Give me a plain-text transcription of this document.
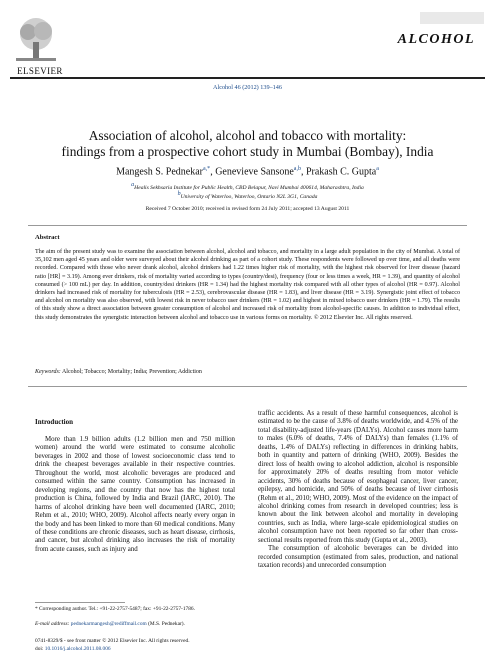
ELSEVIER
ALCOHOL
Alcohol 46 (2012) 139–146
Association of alcohol, alcohol and tobacco with mortality:
findings from a prospective cohort study in Mumbai (Bombay), India
Mangesh S. Pednekar$^{a,*}$, Genevieve Sansone$^{a,b}$, Prakash C. Gupta$^a$
aHealis Sekhsaria Institute for Public Health, CBD Belapur, Navi Mumbai 400614, Maharashtra, India
bUniversity of Waterloo, Waterloo, Ontario N2L 3G1, Canada
Received 7 October 2010; received in revised form 24 July 2011; accepted 13 August 2011
Abstract
The aim of the present study was to examine the association between alcohol, alcohol and tobacco, and mortality in a large adult population in the city of Mumbai. A total of 35,102 men aged 45 years and older were surveyed about their alcohol drinking as part of a cohort study. These respondents were followed up over time, and all deaths were recorded. Compared with those who never drank alcohol, alcohol drinkers had 1.22 times higher risk of mortality, with the highest risk observed for liver disease (hazard ratio [HR] = 3.19). Among ever drinkers, risk of mortality varied according to types (country/desi), frequency (four or less times a week, HR = 1.39), and quantity of alcohol consumed (> 100 mL) per day. In addition, country/desi drinkers (HR = 1.34) had the highest mortality risk compared with all other types of alcohol (HR = 0.97). Alcohol drinkers had increased risk of mortality for tuberculosis (HR = 2.53), cerebrovascular disease (HR = 1.83), and liver disease (HR = 3.19). Synergistic joint effect of tobacco and alcohol on mortality was also observed, with lowest risk in never tobacco user drinkers (HR = 1.02) and highest in mixed tobacco user drinkers (HR = 1.79). The results of this study show a direct association between greater consumption of alcohol and increased risk of mortality from alcohol-specific causes. In addition to individual effect, this study demonstrates the synergistic interaction between alcohol and tobacco use in various forms on mortality. © 2012 Elsevier Inc. All rights reserved.
Keywords: Alcohol; Tobacco; Mortality; India; Prevention; Addiction
Introduction

More than 1.9 billion adults (1.2 billion men and 750 million women) around the world were estimated to consume alcoholic beverages in 2002 and those of lowest socioeconomic class tend to drink the cheapest beverages available in their respective countries. Throughout the world, most alcoholic beverages are produced and consumed within the same country. Consumption has increased in developing regions, and the country that now has the highest total production is China, followed by India and Brazil (IARC, 2010). The harms of alcohol drinking have been well documented (IARC, 2010; Rehm et al., 2010; WHO, 2009). Alcohol affects nearly every organ in the body and has been linked to more than 60 medical conditions. Many of these conditions are chronic diseases, such as heart disease, cirrhosis, and cancer, but alcohol drinking also increases the risk of mortality from acute causes, such as injury and

traffic accidents. As a result of these harmful consequences, alcohol is estimated to be the cause of 3.8% of deaths worldwide, and 4.5% of the total disability-adjusted life-years (DALYs). Alcohol causes more harm to males (6.0% of deaths, 7.4% of DALYs) than females (1.1% of deaths, 1.4% of DALYs) reflecting in differences in drinking habits, both in quantity and pattern of drinking (WHO, 2009). Besides the direct loss of health owing to alcohol addiction, alcohol is responsible for approximately 20% of deaths resulting from motor vehicle accidents, 30% of deaths because of esophageal cancer, liver cancer, epilepsy, and homicide, and 50% of deaths because of liver cirrhosis (Rehm et al., 2010; WHO, 2009). Most of the evidence on the impact of alcohol drinking comes from research in developed countries; less is known about the link between alcohol and mortality in developing countries, such as India, where large-scale epidemiological studies on alcohol consumption have not been reported so far other than cross-sectional results reported from this study (Gupta et al., 2003).

The consumption of alcoholic beverages can be divided into recorded consumption (estimated from sales, production, and national taxation records) and unrecorded consumption

* Corresponding author. Tel.: +91-22-2757-5487; fax: +91-22-2757-1786.
E-mail address: pednekarmangesh@rediffmail.com (M.S. Pednekar).
0741-8329/$ - see front matter © 2012 Elsevier Inc. All rights reserved.
doi: 10.1016/j.alcohol.2011.08.006
